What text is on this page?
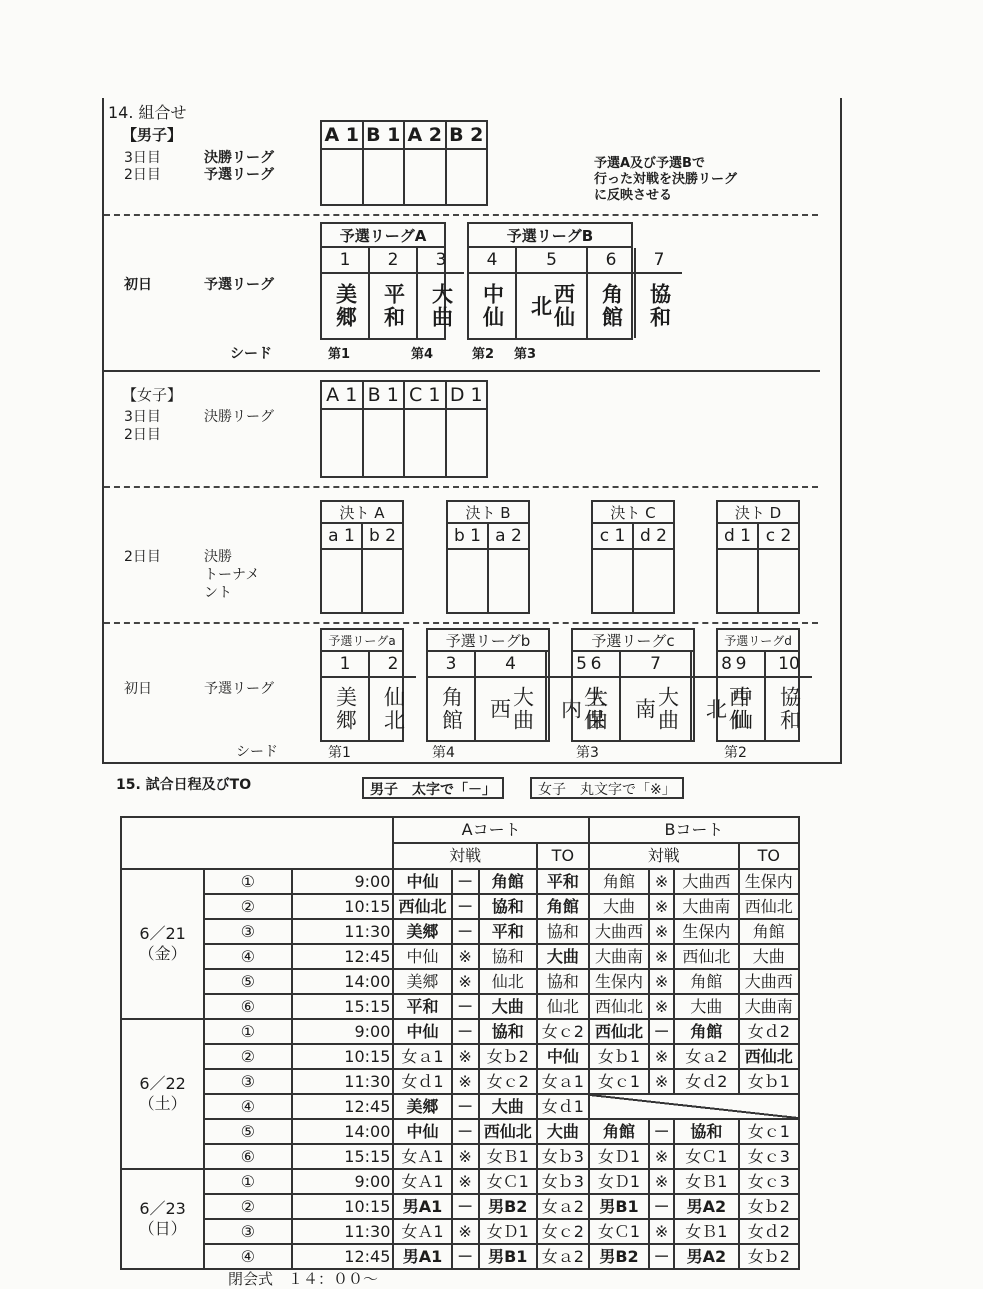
14. 組合せ
【男子】
3日目	決勝リーグ
2日目	予選リーグ
A 1 B 1 A 2 B 2
予選A及び予選Bで
行った対戦を決勝リーグ
に反映させる
初日	予選リーグ
予選リーグA
1
美郷
2
平和
3
大曲
予選リーグB
4
中仙
5
西仙北
6
角館
7
協和
シード	第1	第4	第2 第3
【女子】
3日目	決勝リーグ
2日目
A 1 B 1 C 1 D 1
2日目	決勝
トーナメ
ント
決ト A
a 1 b 2
決ト B
b 1 a 2
決ト C
c 1 d 2
決ト D
d 1 c 2
初日	予選リーグ
予選リーグa
1
美郷
2
仙北
予選リーグb
3
角館
4
大曲西
5
生保内
予選リーグc
6
大曲
7
大曲南
8
西仙北
予選リーグd
9
中仙
10
協和
シード	第1	第4	第3	第2
15. 試合日程及びTO	男子　太字で「－」	女子　丸文字で「※」
			Aコート				Bコート			
			対戦			TO	対戦			TO

6／21
（金）	①	9:00	中仙	－	角館	平和	角館	※	大曲西	生保内
	②	10:15	西仙北	－	協和	角館	大曲	※	大曲南	西仙北
	③	11:30	美郷	－	平和	協和	大曲西	※	生保内	角館
	④	12:45	中仙	※	協和	大曲	大曲南	※	西仙北	大曲
	⑤	14:00	美郷	※	仙北	協和	生保内	※	角館	大曲西
	⑥	15:15	平和	－	大曲	仙北	西仙北	※	大曲	大曲南

6／22
（土）	①	9:00	中仙	－	協和	女ｃ2	西仙北	－	角館	女ｄ2
	②	10:15	女ａ1	※	女ｂ2	中仙	女ｂ1	※	女ａ2	西仙北
	③	11:30	女ｄ1	※	女ｃ2	女ａ1	女ｃ1	※	女ｄ2	女ｂ1
	④	12:45	美郷	－	大曲	女ｄ1				
	⑤	14:00	中仙	－	西仙北	大曲	角館	－	協和	女ｃ1
	⑥	15:15	女Ａ1	※	女Ｂ1	女ｂ3	女Ｄ1	※	女Ｃ1	女ｃ3

6／23
（日）	①	9:00	女Ａ1	※	女Ｃ1	女ｂ3	女Ｄ1	※	女Ｂ1	女ｃ3
	②	10:15	男A1	－	男B2	女ａ2	男B1	－	男A2	女ｂ2
	③	11:30	女Ａ1	※	女Ｄ1	女ｃ2	女Ｃ1	※	女Ｂ1	女ｄ2
	④	12:45	男A1	－	男B1	女ａ2	男B2	－	男A2	女ｂ2
閉会式　１４：００～
